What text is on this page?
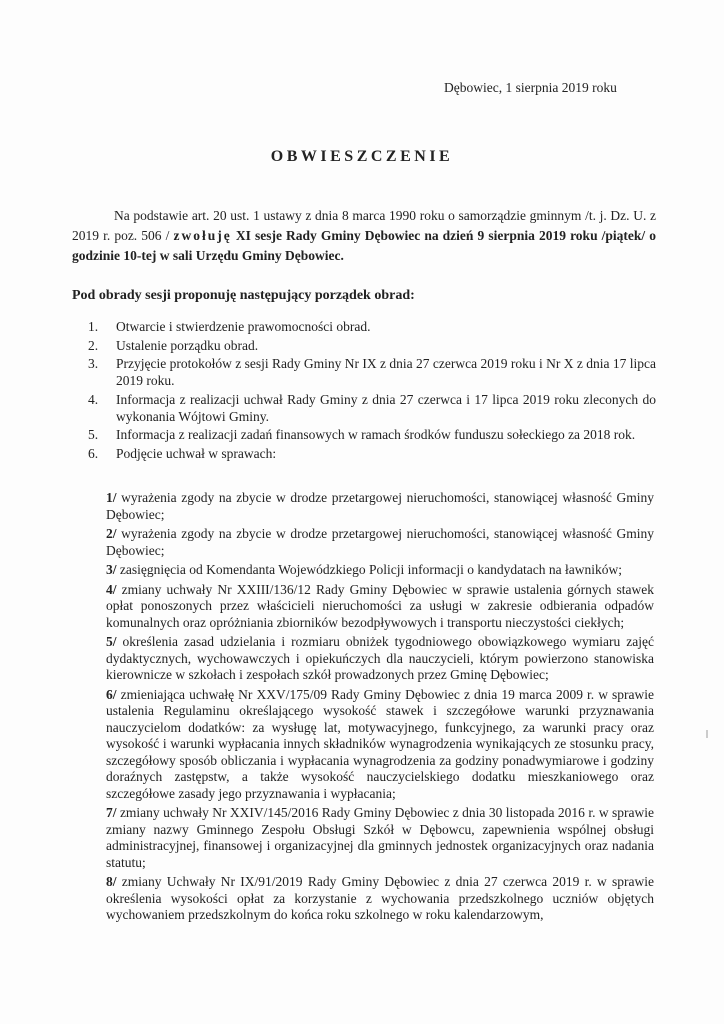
Dębowiec, 1 sierpnia 2019 roku
OBWIESZCZENIE
Na podstawie art. 20 ust. 1 ustawy z dnia 8 marca 1990 roku o samorządzie gminnym /t. j. Dz. U. z 2019 r. poz. 506 / zwołuję XI sesje Rady Gminy Dębowiec na dzień 9 sierpnia 2019 roku /piątek/ o godzinie 10-tej w sali Urzędu Gminy Dębowiec.
Pod obrady sesji proponuję następujący porządek obrad:
1.	Otwarcie i stwierdzenie prawomocności obrad.
2.	Ustalenie porządku obrad.
3.	Przyjęcie protokołów z sesji Rady Gminy Nr IX z dnia 27 czerwca 2019 roku i Nr X z dnia 17 lipca 2019 roku.
4.	Informacja z realizacji uchwał Rady Gminy z dnia 27 czerwca i 17 lipca 2019 roku zleconych do wykonania Wójtowi Gminy.
5.	Informacja z realizacji zadań finansowych w ramach środków funduszu sołeckiego za 2018 rok.
6.	Podjęcie uchwał w sprawach:
1/ wyrażenia zgody na zbycie w drodze przetargowej nieruchomości, stanowiącej własność Gminy Dębowiec;
2/ wyrażenia zgody na zbycie w drodze przetargowej nieruchomości, stanowiącej własność Gminy Dębowiec;
3/ zasięgnięcia od Komendanta Wojewódzkiego Policji informacji o kandydatach na ławników;
4/ zmiany uchwały Nr XXIII/136/12 Rady Gminy Dębowiec w sprawie ustalenia górnych stawek opłat ponoszonych przez właścicieli nieruchomości za usługi w zakresie odbierania odpadów komunalnych oraz opróżniania zbiorników bezodpływowych i transportu nieczystości ciekłych;
5/ określenia zasad udzielania i rozmiaru obniżek tygodniowego obowiązkowego wymiaru zajęć dydaktycznych, wychowawczych i opiekuńczych dla nauczycieli, którym powierzono stanowiska kierownicze w szkołach i zespołach szkół prowadzonych przez Gminę Dębowiec;
6/ zmieniająca uchwałę Nr XXV/175/09 Rady Gminy Dębowiec z dnia 19 marca 2009 r. w sprawie ustalenia Regulaminu określającego wysokość stawek i szczegółowe warunki przyznawania nauczycielom dodatków: za wysługę lat, motywacyjnego, funkcyjnego, za warunki pracy oraz wysokość i warunki wypłacania innych składników wynagrodzenia wynikających ze stosunku pracy, szczegółowy sposób obliczania i wypłacania wynagrodzenia za godziny ponadwymiarowe i godziny doraźnych zastępstw, a także wysokość nauczycielskiego dodatku mieszkaniowego oraz szczegółowe zasady jego przyznawania i wypłacania;
7/ zmiany uchwały Nr XXIV/145/2016 Rady Gminy Dębowiec z dnia 30 listopada 2016 r. w sprawie zmiany nazwy Gminnego Zespołu Obsługi Szkół w Dębowcu, zapewnienia wspólnej obsługi administracyjnej, finansowej i organizacyjnej dla gminnych jednostek organizacyjnych oraz nadania statutu;
8/ zmiany Uchwały Nr IX/91/2019 Rady Gminy Dębowiec z dnia 27 czerwca 2019 r. w sprawie określenia wysokości opłat za korzystanie z wychowania przedszkolnego uczniów objętych wychowaniem przedszkolnym do końca roku szkolnego w roku kalendarzowym,
